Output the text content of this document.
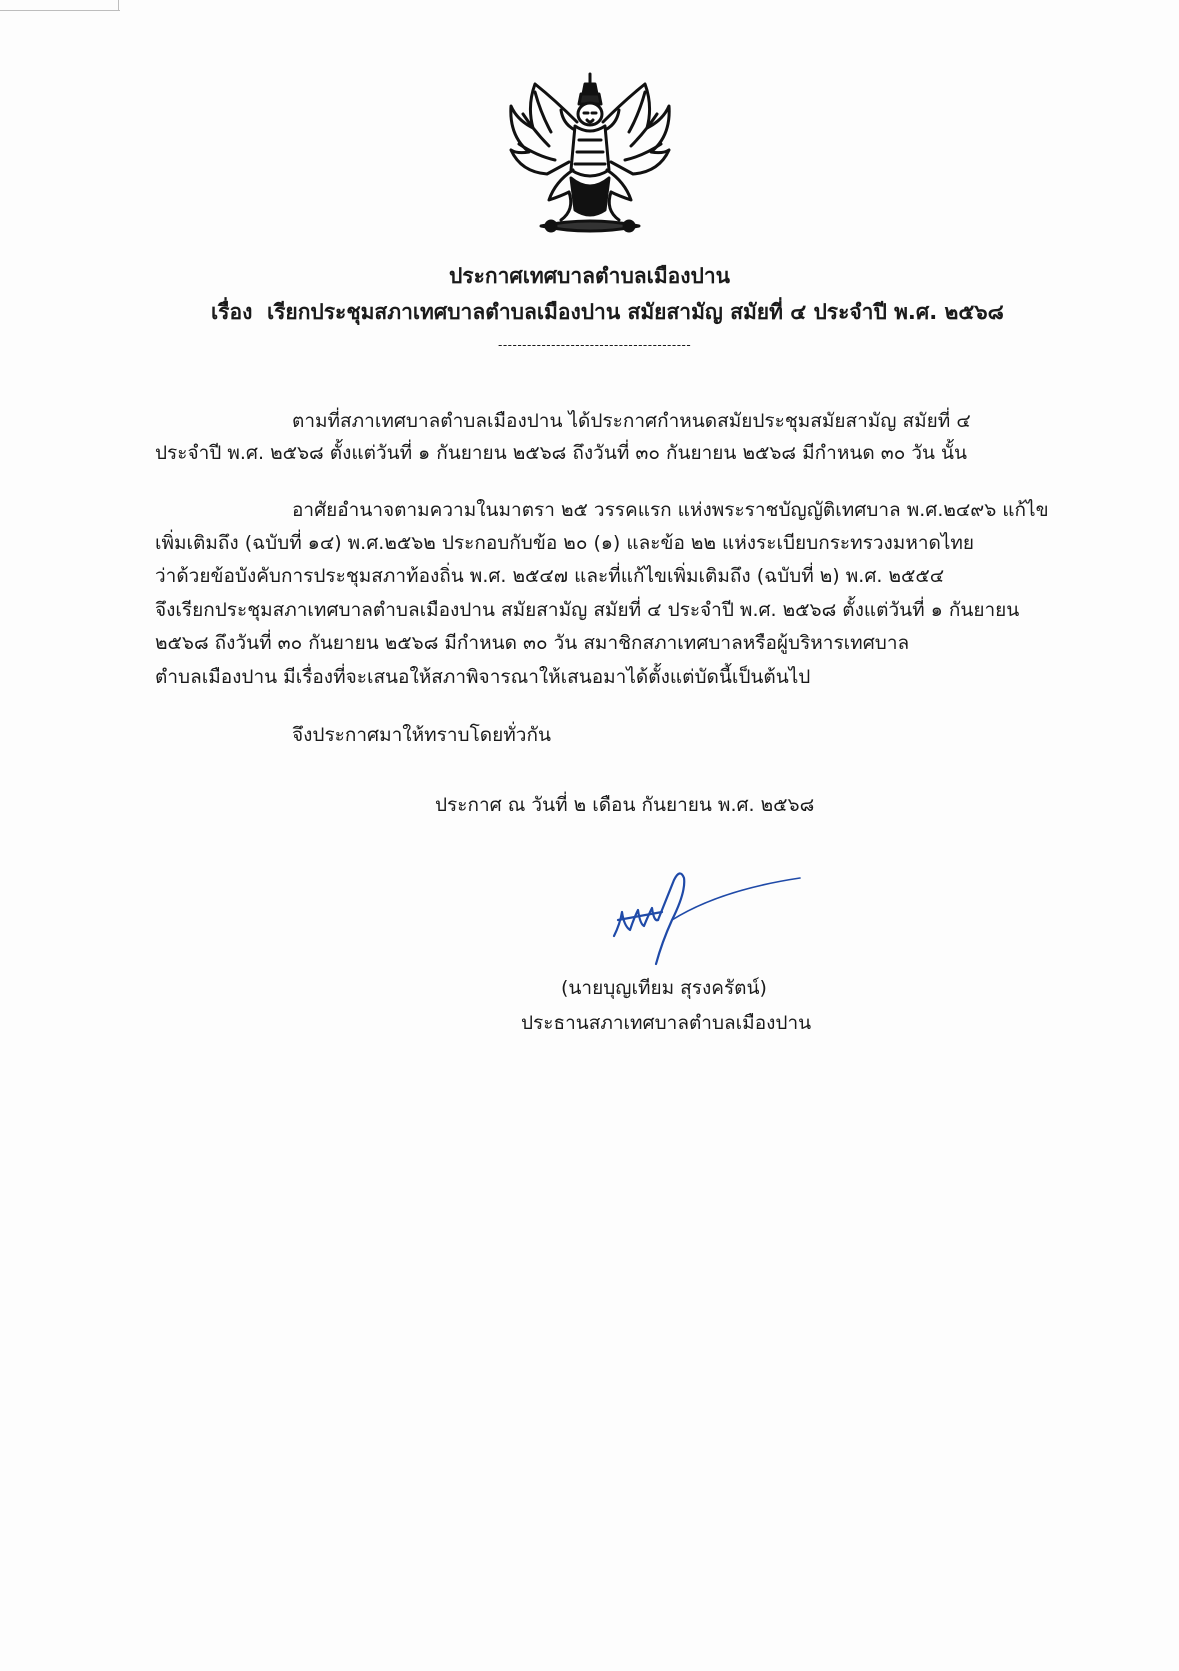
ประกาศเทศบาลตำบลเมืองปาน
เรื่อง เรียกประชุมสภาเทศบาลตำบลเมืองปาน สมัยสามัญ สมัยที่ ๔ ประจำปี พ.ศ. ๒๕๖๘
----------------------------------------
ตามที่สภาเทศบาลตำบลเมืองปาน ได้ประกาศกำหนดสมัยประชุมสมัยสามัญ สมัยที่ ๔
ประจำปี พ.ศ. ๒๕๖๘ ตั้งแต่วันที่ ๑ กันยายน ๒๕๖๘ ถึงวันที่ ๓๐ กันยายน ๒๕๖๘ มีกำหนด ๓๐ วัน นั้น
อาศัยอำนาจตามความในมาตรา ๒๕ วรรคแรก แห่งพระราชบัญญัติเทศบาล พ.ศ.๒๔๙๖ แก้ไข
เพิ่มเติมถึง (ฉบับที่ ๑๔) พ.ศ.๒๕๖๒ ประกอบกับข้อ ๒๐ (๑) และข้อ ๒๒ แห่งระเบียบกระทรวงมหาดไทย
ว่าด้วยข้อบังคับการประชุมสภาท้องถิ่น พ.ศ. ๒๕๔๗ และที่แก้ไขเพิ่มเติมถึง (ฉบับที่ ๒) พ.ศ. ๒๕๕๔
จึงเรียกประชุมสภาเทศบาลตำบลเมืองปาน สมัยสามัญ สมัยที่ ๔ ประจำปี พ.ศ. ๒๕๖๘ ตั้งแต่วันที่ ๑ กันยายน
๒๕๖๘ ถึงวันที่ ๓๐ กันยายน ๒๕๖๘ มีกำหนด ๓๐ วัน สมาชิกสภาเทศบาลหรือผู้บริหารเทศบาล
ตำบลเมืองปาน มีเรื่องที่จะเสนอให้สภาพิจารณาให้เสนอมาได้ตั้งแต่บัดนี้เป็นต้นไป
จึงประกาศมาให้ทราบโดยทั่วกัน
ประกาศ ณ วันที่ ๒ เดือน กันยายน พ.ศ. ๒๕๖๘
(นายบุญเทียม สุรงครัตน์)
ประธานสภาเทศบาลตำบลเมืองปาน
